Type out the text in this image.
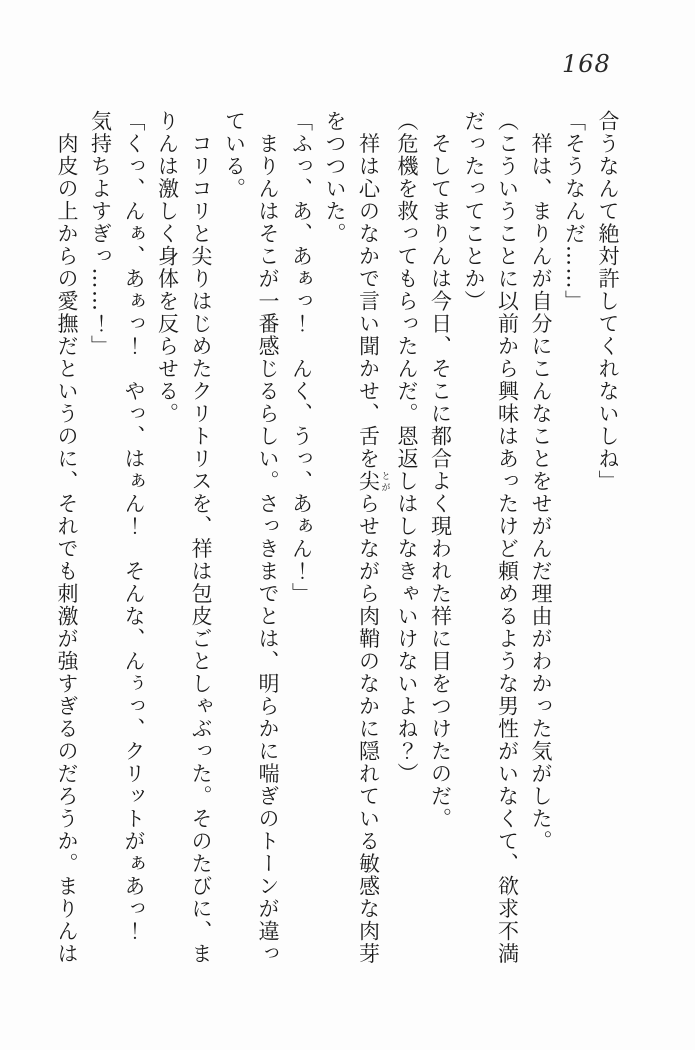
168

合うなんて絶対許してくれないしね」

「そうなんだ……」

　祥は、まりんが自分にこんなことをせがんだ理由がわかった気がした。

（こういうことに以前から興味はあったけど頼めるような男性がいなくて、欲求不満

だったってことか）

　そしてまりんは今日、そこに都合よく現われた祥に目をつけたのだ。

（危機を救ってもらったんだ。恩返しはしなきゃいけないよね？）

　祥は心のなかで言い聞かせ、舌を尖 とがらせながら肉鞘のなかに隠れている敏感な肉芽

をつついた。

「ふっ、あ、あぁっ！　んく、うっ、あぁん！」

　まりんはそこが一番感じるらしい。さっきまでとは、明らかに喘ぎのトーンが違っ

ている。

　コリコリと尖りはじめたクリトリスを、祥は包皮ごとしゃぶった。そのたびに、ま

りんは激しく身体を反らせる。

「くっ、んぁ、あぁっ！　やっ、はぁん！　そんな、んぅっ、クリットがぁあっ！

気持ちよすぎっ……！」

　肉皮の上からの愛撫だというのに、それでも刺激が強すぎるのだろうか。まりんは
